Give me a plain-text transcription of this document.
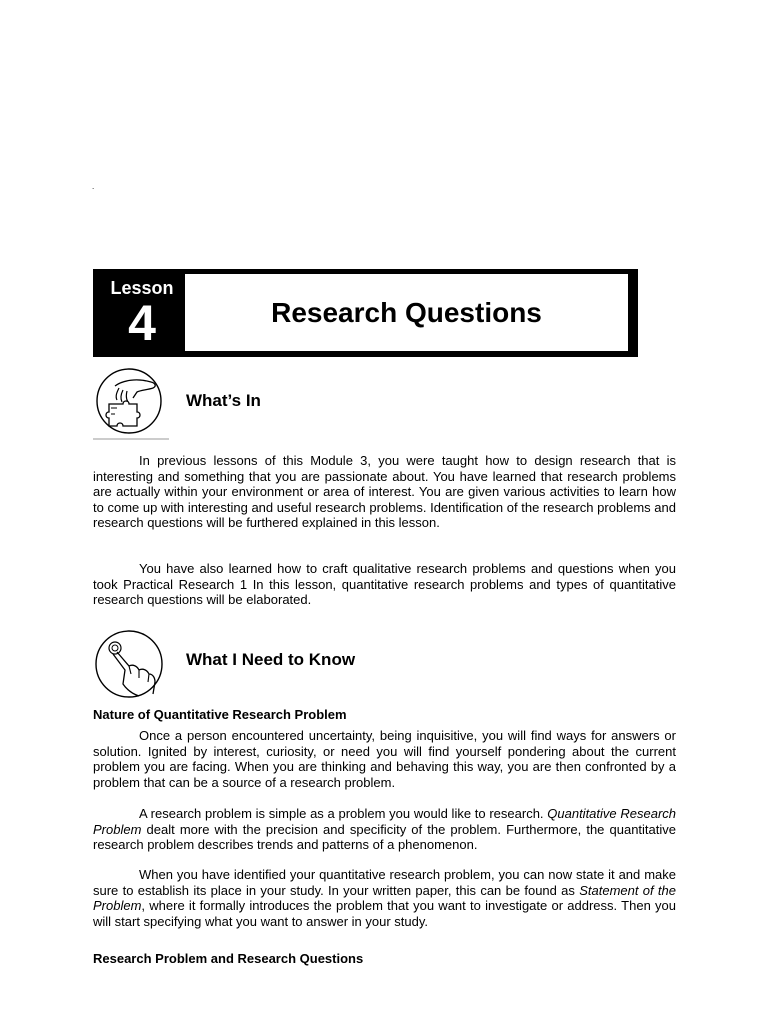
.
Lesson
4	Research Questions
What’s In

In previous lessons of this Module 3, you were taught how to design research that is interesting and something that you are passionate about. You have learned that research problems are actually within your environment or area of interest. You are given various activities to learn how to come up with interesting and useful research problems. Identification of the research problems and research questions will be furthered explained in this lesson.

You have also learned how to craft qualitative research problems and questions when you took Practical Research 1 In this lesson, quantitative research problems and types of quantitative research questions will be elaborated.

What I Need to Know
Nature of Quantitative Research Problem

Once a person encountered uncertainty, being inquisitive, you will find ways for answers or solution. Ignited by interest, curiosity, or need you will find yourself pondering about the current problem you are facing. When you are thinking and behaving this way, you are then confronted by a problem that can be a source of a research problem.

A research problem is simple as a problem you would like to research. Quantitative Research Problem dealt more with the precision and specificity of the problem. Furthermore, the quantitative research problem describes trends and patterns of a phenomenon.

When you have identified your quantitative research problem, you can now state it and make sure to establish its place in your study. In your written paper, this can be found as Statement of the Problem, where it formally introduces the problem that you want to investigate or address. Then you will start specifying what you want to answer in your study.

Research Problem and Research Questions
